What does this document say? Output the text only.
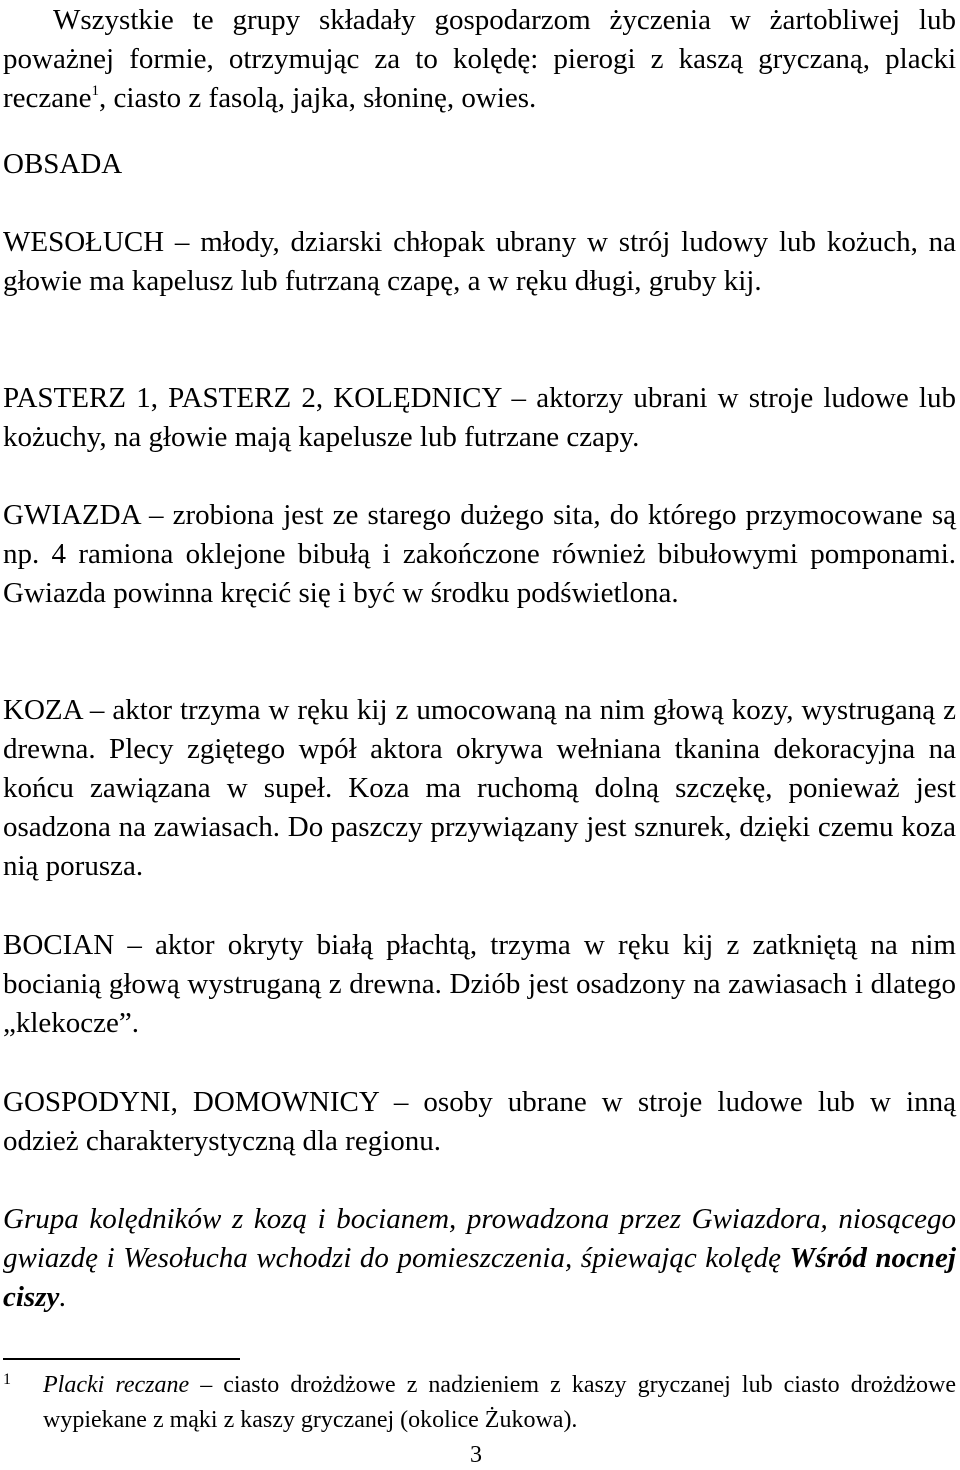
Wszystkie te grupy składały gospodarzom życzenia w żartobliwej lub poważnej formie, otrzymując za to kolędę: pierogi z kaszą gryczaną, placki reczane$^1$, ciasto z fasolą, jajka, słoninę, owies.

OBSADA

WESOŁUCH – młody, dziarski chłopak ubrany w strój ludowy lub kożuch, na głowie ma kapelusz lub futrzaną czapę, a w ręku długi, gruby kij.

PASTERZ 1, PASTERZ 2, KOLĘDNICY – aktorzy ubrani w stroje ludowe lub kożuchy, na głowie mają kapelusze lub futrzane czapy.

GWIAZDA – zrobiona jest ze starego dużego sita, do którego przymocowane są np. 4 ramiona oklejone bibułą i zakończone również bibułowymi pomponami. Gwiazda powinna kręcić się i być w środku podświetlona.

KOZA – aktor trzyma w ręku kij z umocowaną na nim głową kozy, wystruganą z drewna. Plecy zgiętego wpół aktora okrywa wełniana tkanina dekoracyjna na końcu zawiązana w supeł. Koza ma ruchomą dolną szczękę, ponieważ jest osadzona na zawiasach. Do paszczy przywiązany jest sznurek, dzięki czemu koza nią porusza.

BOCIAN – aktor okryty białą płachtą, trzyma w ręku kij z zatkniętą na nim bocianią głową wystruganą z drewna. Dziób jest osadzony na zawiasach i dlatego „klekocze”.

GOSPODYNI, DOMOWNICY – osoby ubrane w stroje ludowe lub w inną odzież charakterystyczną dla regionu.

Grupa kolędników z kozą i bocianem, prowadzona przez Gwiazdora, niosącego gwiazdę i Wesołucha wchodzi do pomieszczenia, śpiewając kolędę Wśród nocnej ciszy.

1 Placki reczane – ciasto drożdżowe z nadzieniem z kaszy gryczanej lub ciasto drożdżowe wypiekane z mąki z kaszy gryczanej (okolice Żukowa).
3
